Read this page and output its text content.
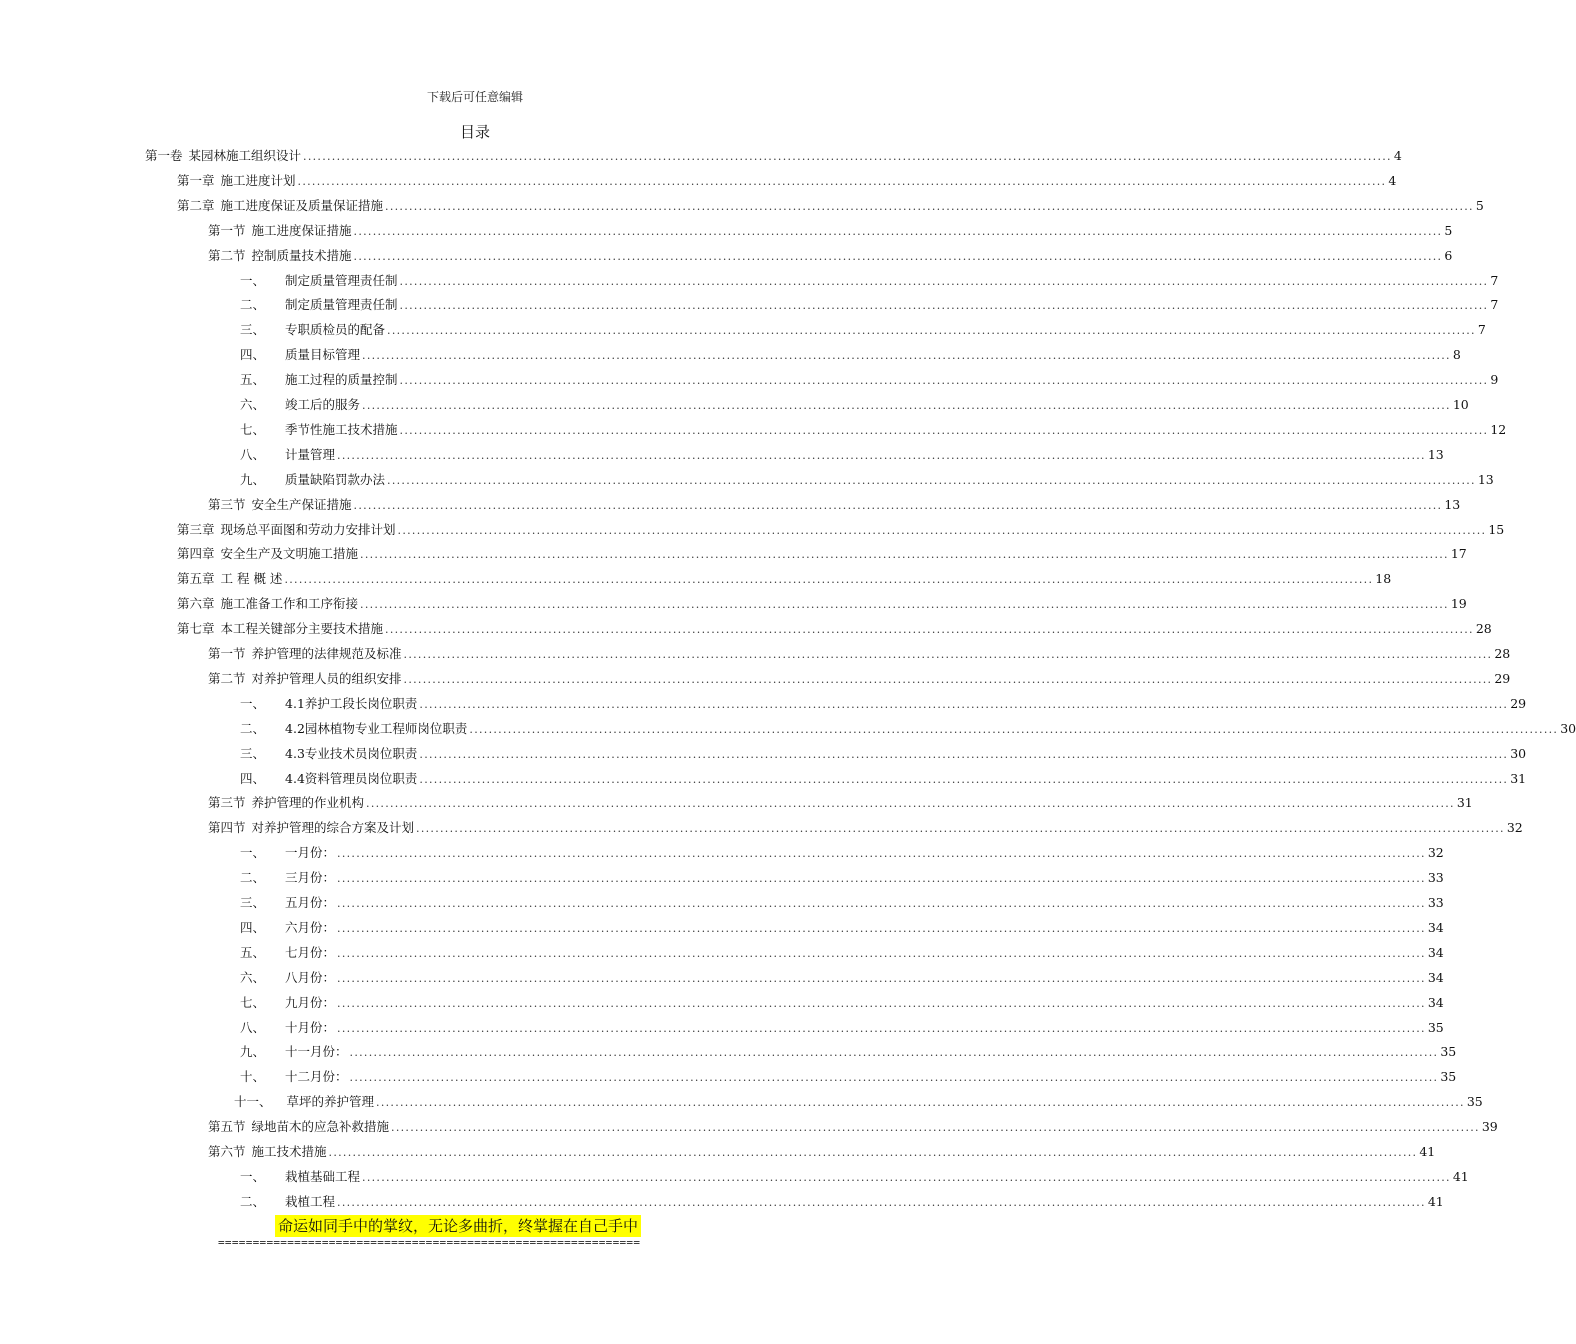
下载后可任意编辑
目录
第一卷 某园林施工组织设计 ................................................................................................................................................................................................................................... 4
第一章 施工进度计划 ................................................................................................................................................................................................................................... 4
第二章 施工进度保证及质量保证措施 ................................................................................................................................................................................................................................... 5
第一节 施工进度保证措施 ................................................................................................................................................................................................................................... 5
第二节 控制质量技术措施 ................................................................................................................................................................................................................................... 6
一、 制定质量管理责任制 ................................................................................................................................................................................................................................... 7
二、 制定质量管理责任制 ................................................................................................................................................................................................................................... 7
三、 专职质检员的配备 ................................................................................................................................................................................................................................... 7
四、 质量目标管理 ................................................................................................................................................................................................................................... 8
五、 施工过程的质量控制 ................................................................................................................................................................................................................................... 9
六、 竣工后的服务 ................................................................................................................................................................................................................................... 10
七、 季节性施工技术措施 ................................................................................................................................................................................................................................... 12
八、 计量管理 ................................................................................................................................................................................................................................... 13
九、 质量缺陷罚款办法 ................................................................................................................................................................................................................................... 13
第三节 安全生产保证措施 ................................................................................................................................................................................................................................... 13
第三章 现场总平面图和劳动力安排计划 ................................................................................................................................................................................................................................... 15
第四章 安全生产及文明施工措施 ................................................................................................................................................................................................................................... 17
第五章 工 程 概 述 ................................................................................................................................................................................................................................... 18
第六章 施工准备工作和工序衔接 ................................................................................................................................................................................................................................... 19
第七章 本工程关键部分主要技术措施 ................................................................................................................................................................................................................................... 28
第一节 养护管理的法律规范及标准 ................................................................................................................................................................................................................................... 28
第二节 对养护管理人员的组织安排 ................................................................................................................................................................................................................................... 29
一、 4.1养护工段长岗位职责 ................................................................................................................................................................................................................................... 29
二、 4.2园林植物专业工程师岗位职责 ................................................................................................................................................................................................................................... 30
三、 4.3专业技术员岗位职责 ................................................................................................................................................................................................................................... 30
四、 4.4资料管理员岗位职责 ................................................................................................................................................................................................................................... 31
第三节 养护管理的作业机构 ................................................................................................................................................................................................................................... 31
第四节 对养护管理的综合方案及计划 ................................................................................................................................................................................................................................... 32
一、 一月份： ................................................................................................................................................................................................................................... 32
二、 三月份： ................................................................................................................................................................................................................................... 33
三、 五月份： ................................................................................................................................................................................................................................... 33
四、 六月份： ................................................................................................................................................................................................................................... 34
五、 七月份： ................................................................................................................................................................................................................................... 34
六、 八月份： ................................................................................................................................................................................................................................... 34
七、 九月份： ................................................................................................................................................................................................................................... 34
八、 十月份： ................................................................................................................................................................................................................................... 35
九、 十一月份： ................................................................................................................................................................................................................................... 35
十、 十二月份： ................................................................................................................................................................................................................................... 35
十一、 草坪的养护管理 ................................................................................................................................................................................................................................... 35
第五节 绿地苗木的应急补救措施 ................................................................................................................................................................................................................................... 39
第六节 施工技术措施 ................................................................................................................................................................................................................................... 41
一、 栽植基础工程 ................................................................................................................................................................................................................................... 41
二、 栽植工程 ................................................................................................................................................................................................................................... 41
命运如同手中的掌纹，无论多曲折，终掌握在自己手中
=============================================================
